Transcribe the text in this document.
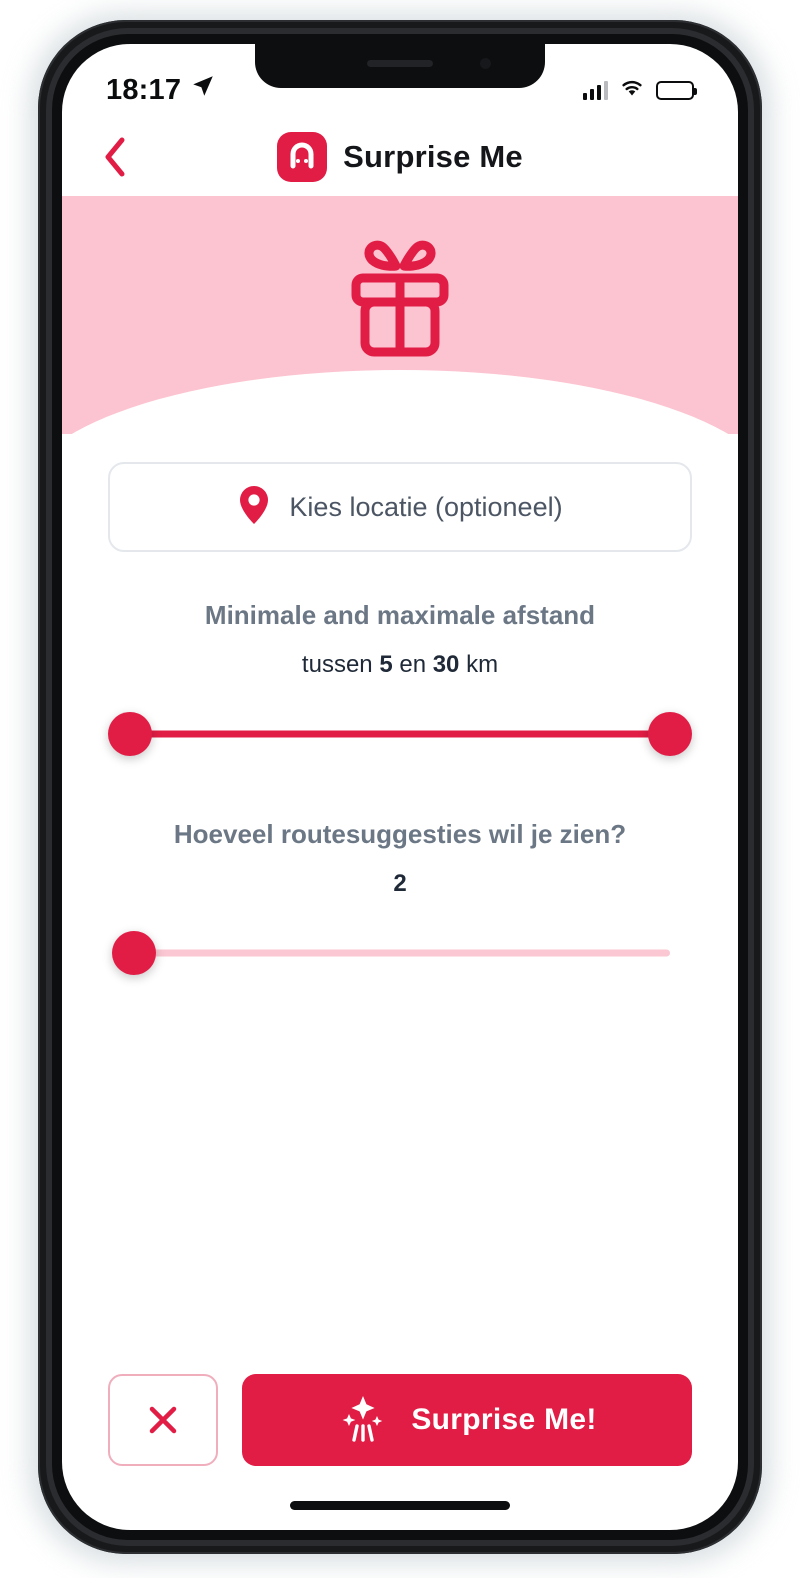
18:17
Surprise Me
Kies locatie (optioneel)
Minimale and maximale afstand
tussen 5 en 30 km
Hoeveel routesuggesties wil je zien?
2
Surprise Me!
